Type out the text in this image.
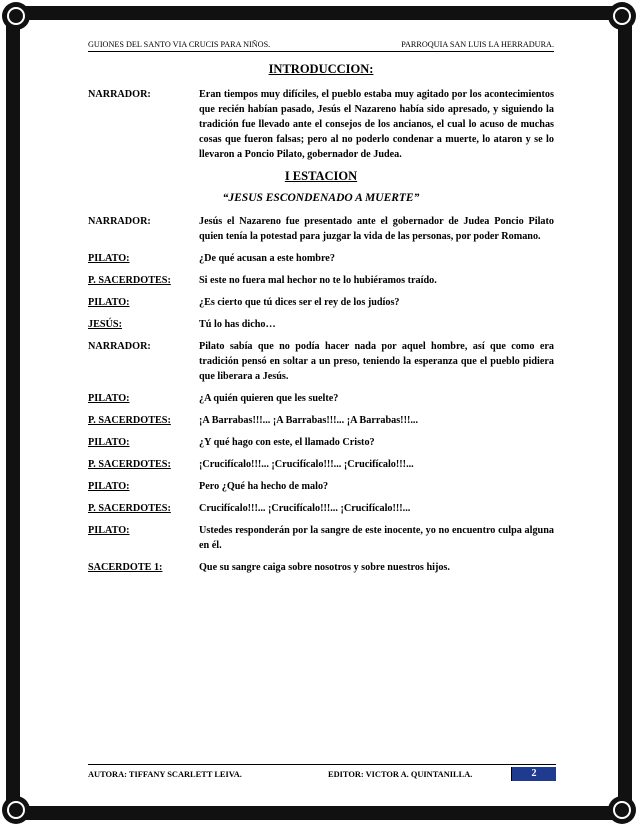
GUIONES DEL SANTO VIA CRUCIS PARA NIÑOS.	PARROQUIA SAN LUIS LA HERRADURA.
INTRODUCCION:
NARRADOR:	Eran tiempos muy difíciles, el pueblo estaba muy agitado por los acontecimientos que recién habían pasado, Jesús el Nazareno había sido apresado, y siguiendo la tradición fue llevado ante el consejos de los ancianos, el cual lo acuso de muchas cosas que fueron falsas; pero al no poderlo condenar a muerte, lo ataron y se lo llevaron a Poncio Pilato, gobernador de Judea.
I ESTACION
“JESUS ESCONDENADO A MUERTE”
NARRADOR:	Jesús el Nazareno fue presentado ante el gobernador de Judea Poncio Pilato quien tenía la potestad para juzgar la vida de las personas, por poder Romano.
PILATO:	¿De qué acusan a este hombre?
P. SACERDOTES:	Si este no fuera mal hechor no te lo hubiéramos traído.
PILATO:	¿Es cierto que tú dices ser el rey de los judíos?
JESÚS:	Tú lo has dicho…
NARRADOR:	Pilato sabía que no podía hacer nada por aquel hombre, así que como era tradición pensó en soltar a un preso, teniendo la esperanza que el pueblo pidiera que liberara a Jesús.
PILATO:	¿A quién quieren que les suelte?
P. SACERDOTES:	¡A Barrabas!!!... ¡A Barrabas!!!... ¡A Barrabas!!!...
PILATO:	¿Y qué hago con este, el llamado Cristo?
P. SACERDOTES:	¡Crucifícalo!!!... ¡Crucifícalo!!!... ¡Crucifícalo!!!...
PILATO:	Pero ¿Qué ha hecho de malo?
P. SACERDOTES:	Crucifícalo!!!... ¡Crucifícalo!!!... ¡Crucifícalo!!!...
PILATO:	Ustedes responderán por la sangre de este inocente, yo no encuentro culpa alguna en él.
SACERDOTE 1:	Que su sangre caiga sobre nosotros y sobre nuestros hijos.
AUTORA: TIFFANY SCARLETT LEIVA.	EDITOR: VICTOR A. QUINTANILLA.	2
